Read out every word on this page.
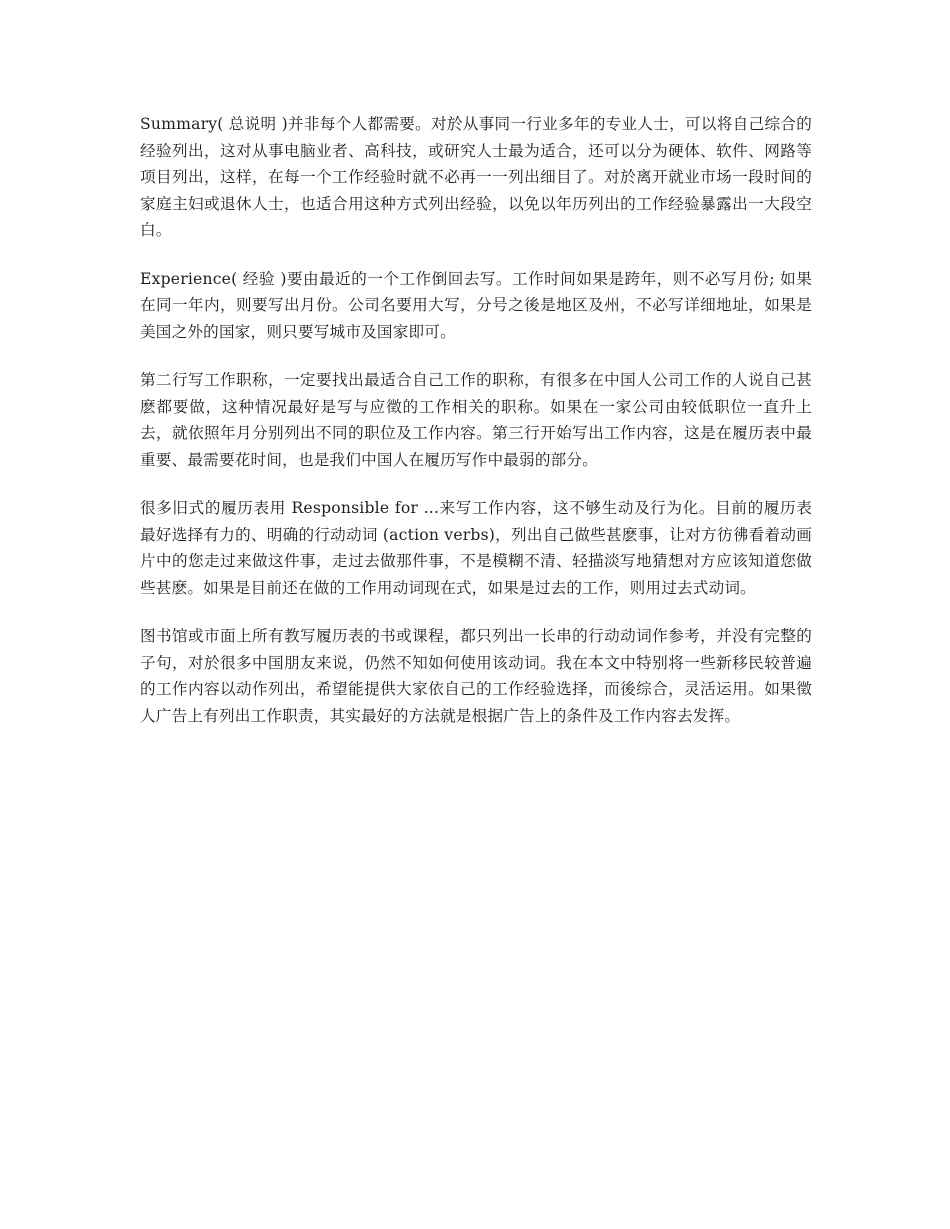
Summary( 总说明 )并非每个人都需要。对於从事同一行业多年的专业人士，可以将自己综合的经验列出，这对从事电脑业者、高科技，或研究人士最为适合，还可以分为硬体、软件、网路等项目列出，这样，在每一个工作经验时就不必再一一列出细目了。对於离开就业市场一段时间的家庭主妇或退休人士，也适合用这种方式列出经验，以免以年历列出的工作经验暴露出一大段空白。

Experience( 经验 )要由最近的一个工作倒回去写。工作时间如果是跨年，则不必写月份; 如果在同一年内，则要写出月份。公司名要用大写，分号之後是地区及州，不必写详细地址，如果是美国之外的国家，则只要写城市及国家即可。

第二行写工作职称，一定要找出最适合自己工作的职称，有很多在中国人公司工作的人说自己甚麽都要做，这种情况最好是写与应徵的工作相关的职称。如果在一家公司由较低职位一直升上去，就依照年月分别列出不同的职位及工作内容。第三行开始写出工作内容，这是在履历表中最重要、最需要花时间，也是我们中国人在履历写作中最弱的部分。

很多旧式的履历表用 Responsible for ...来写工作内容，这不够生动及行为化。目前的履历表最好选择有力的、明确的行动动词 (action verbs)，列出自己做些甚麽事，让对方彷彿看着动画片中的您走过来做这件事，走过去做那件事，不是模糊不清、轻描淡写地猜想对方应该知道您做些甚麽。如果是目前还在做的工作用动词现在式，如果是过去的工作，则用过去式动词。

图书馆或市面上所有教写履历表的书或课程，都只列出一长串的行动动词作参考，并没有完整的子句，对於很多中国朋友来说，仍然不知如何使用该动词。我在本文中特别将一些新移民较普遍的工作内容以动作列出，希望能提供大家依自己的工作经验选择，而後综合，灵活运用。如果徵人广告上有列出工作职责，其实最好的方法就是根据广告上的条件及工作内容去发挥。
